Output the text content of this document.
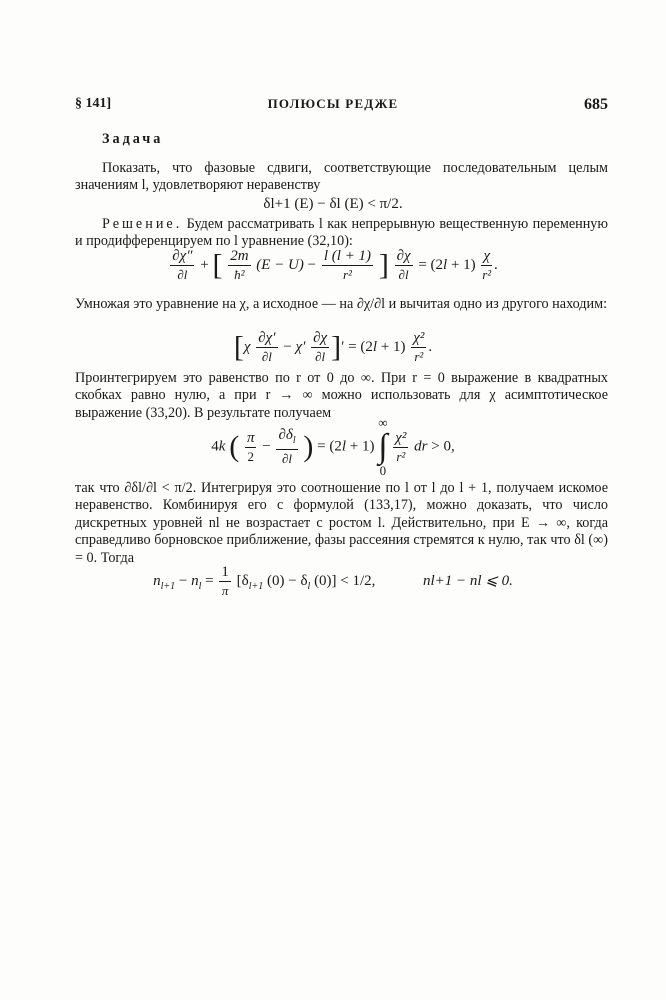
§ 141]	ПОЛЮСЫ РЕДЖЕ	685
Задача
Показать, что фазовые сдвиги, соответствующие последовательным целым значениям l, удовлетворяют неравенству
δl+1 (E) − δl (E) < π/2.
Решение. Будем рассматривать l как непрерывную вещественную переменную и продифференцируем по l уравнение (32,10):
$\frac{\partial\chi''}{\partial l}$ + [ $\frac{2m}{\text{ħ²}} (E - U) - \frac{l (l + 1)}{\text{r²}}$ ] $\frac{\partial\chi}{\partial l} = (2l + 1) \frac{\chi}{\text{r²}}$ .
Умножая это уравнение на χ, а исходное — на ∂χ/∂l и вычитая одно из другого находим:
[$\chi \frac{\partial\chi'}{\partial l} - \chi' \frac{\partial\chi}{\partial l}$ ]′ = $(2l + 1) \frac{\text{χ²}}{\text{r²}}$ .
Проинтегрируем это равенство по r от 0 до ∞. При r = 0 выражение в квадратных скобках равно нулю, а при r → ∞ можно использовать для χ асимптотическое выражение (33,20). В результате получаем
4k ( $\frac{\pi}{2} - \frac{\partial\delta_l}{\partial l}$ ) = (2l + 1) ∞
∫
0
$\frac{\text{χ²}}{\text{r²}}$ dr > 0,
так что ∂δl/∂l < π/2. Интегрируя это соотношение по l от l до l + 1, получаем искомое неравенство. Комбинируя его с формулой (133,17), можно доказать, что число дискретных уровней nl не возрастает с ростом l. Действительно, при E → ∞, когда справедливо борновское приближение, фазы рассеяния стремятся к нулю, так что δl (∞) = 0. Тогда
$n_{l+1} - n_l = \frac{1}{\pi} [\delta_{l+1}$ $(0) - \delta_l$ (0)] < 1/2,	nl+1 − nl ⩽ 0.
